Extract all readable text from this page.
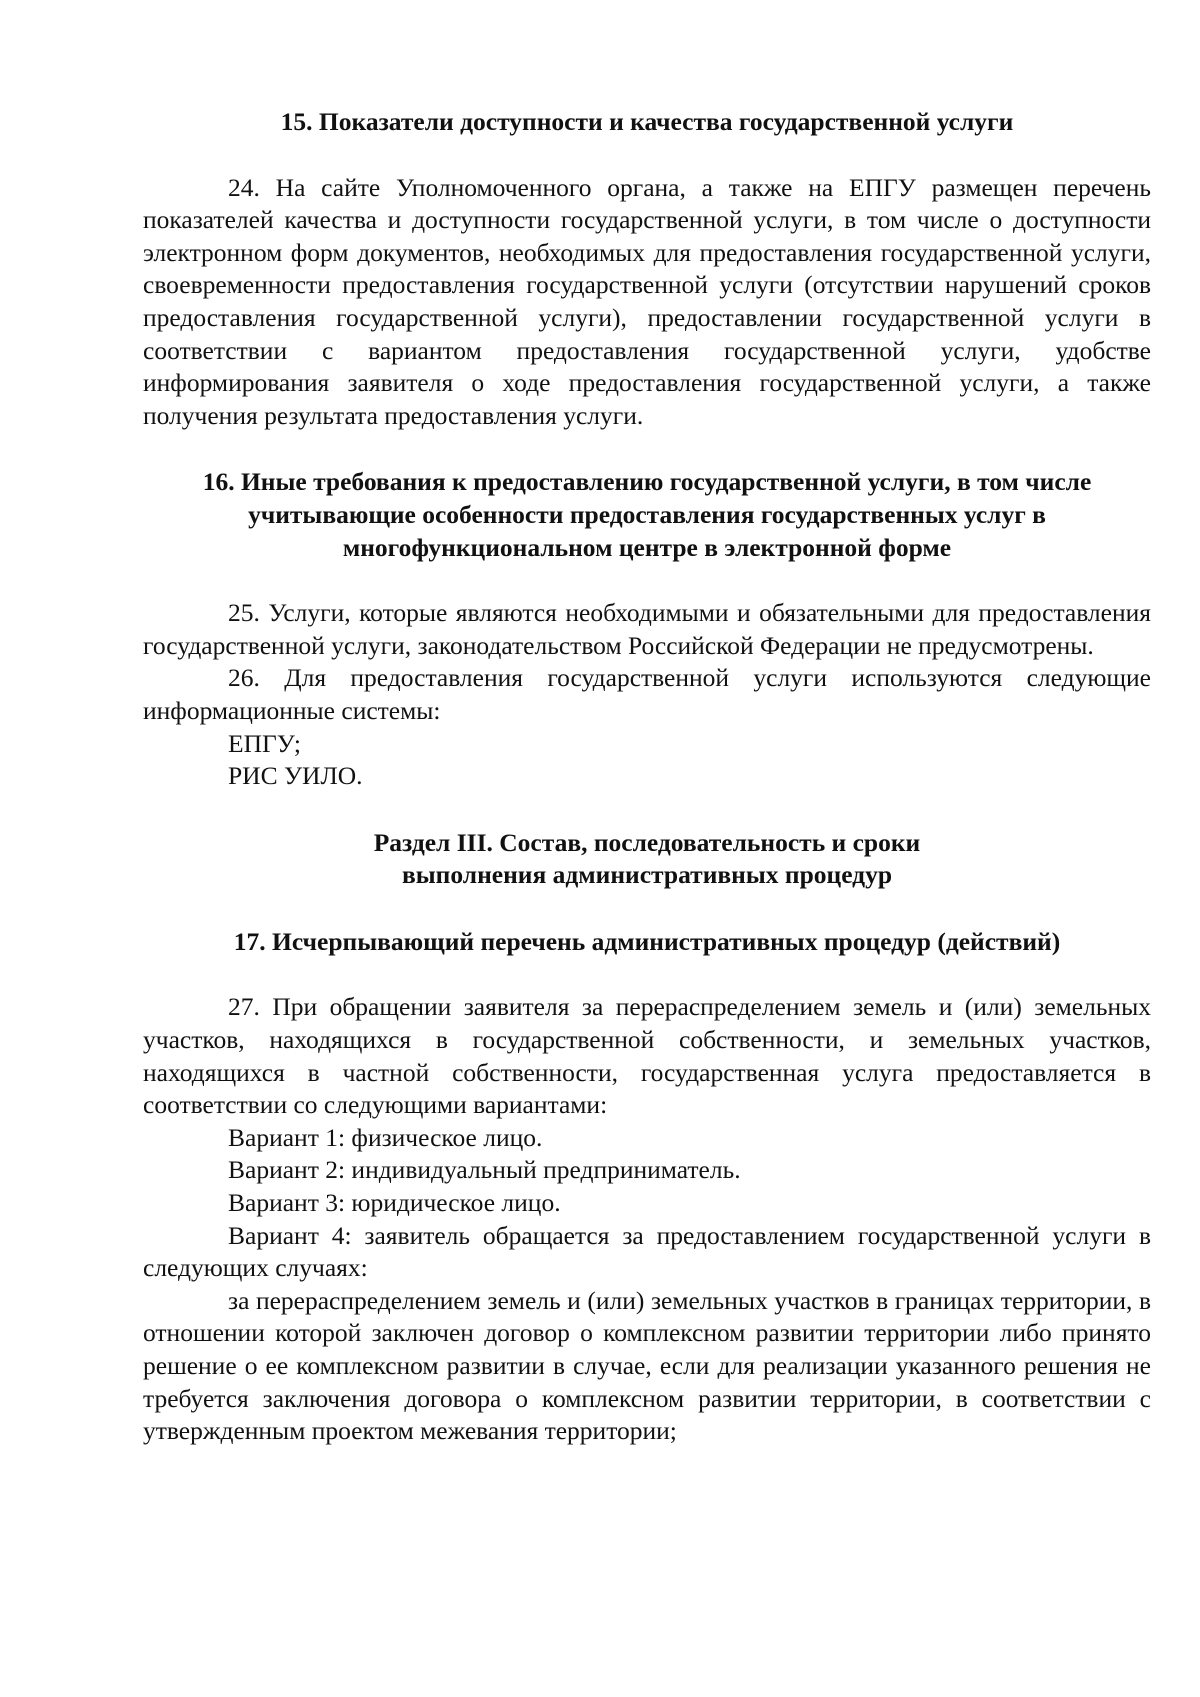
15. Показатели доступности и качества государственной услуги

24. На сайте Уполномоченного органа, а также на ЕПГУ размещен перечень показателей качества и доступности государственной услуги, в том числе о доступности электронном форм документов, необходимых для предоставления государственной услуги, своевременности предоставления государственной услуги (отсутствии нарушений сроков предоставления государственной услуги), предоставлении государственной услуги в соответствии с вариантом предоставления государственной услуги, удобстве информирования заявителя о ходе предоставления государственной услуги, а также получения результата предоставления услуги.

16. Иные требования к предоставлению государственной услуги, в том числе учитывающие особенности предоставления государственных услуг в многофункциональном центре в электронной форме

25. Услуги, которые являются необходимыми и обязательными для предоставления государственной услуги, законодательством Российской Федерации не предусмотрены.

26. Для предоставления государственной услуги используются следующие информационные системы:

ЕПГУ;

РИС УИЛО.

Раздел III. Состав, последовательность и сроки выполнения административных процедур

17. Исчерпывающий перечень административных процедур (действий)

27. При обращении заявителя за перераспределением земель и (или) земельных участков, находящихся в государственной собственности, и земельных участков, находящихся в частной собственности, государственная услуга предоставляется в соответствии со следующими вариантами:

Вариант 1: физическое лицо.

Вариант 2: индивидуальный предприниматель.

Вариант 3: юридическое лицо.

Вариант 4: заявитель обращается за предоставлением государственной услуги в следующих случаях:

за перераспределением земель и (или) земельных участков в границах территории, в отношении которой заключен договор о комплексном развитии территории либо принято решение о ее комплексном развитии в случае, если для реализации указанного решения не требуется заключения договора о комплексном развитии территории, в соответствии с утвержденным проектом межевания территории;
